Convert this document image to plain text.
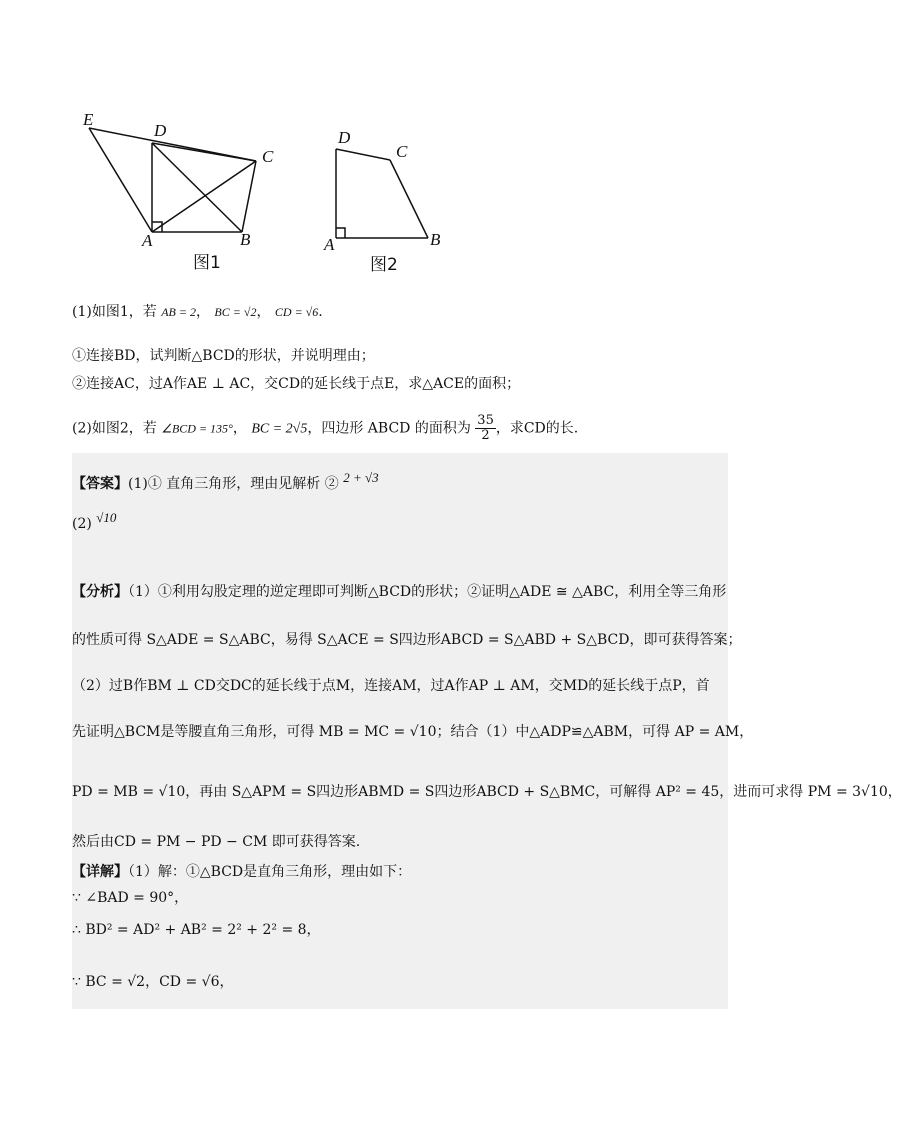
E
D
C
A	B
图1
D
C
A	B
图2
(1)如图1，若 AB = 2， BC = √2， CD = √6.
①连接BD，试判断△BCD的形状，并说明理由；
②连接AC，过A作AE ⊥ AC，交CD的延长线于点E，求△ACE的面积；
(2)如图2，若 ∠BCD = 135°， BC = 2√5，四边形 ABCD 的面积为 $\frac{35}{2}$ ，求CD的长.
【答案】(1)① 直角三角形，理由见解析 ② 2 + √3
(2) √10
【分析】（1）①利用勾股定理的逆定理即可判断△BCD的形状；②证明△ADE ≅ △ABC，利用全等三角形
的性质可得 S△ADE = S△ABC，易得 S△ACE = S四边形ABCD = S△ABD + S△BCD，即可获得答案；
（2）过B作BM ⊥ CD交DC的延长线于点M，连接AM，过A作AP ⊥ AM，交MD的延长线于点P，首
先证明△BCM是等腰直角三角形，可得 MB = MC = √10；结合（1）中△ADP≌△ABM，可得 AP = AM，
PD = MB = √10，再由 S△APM = S四边形ABMD = S四边形ABCD + S△BMC，可解得 AP² = 45，进而可求得 PM = 3√10，
然后由CD = PM − PD − CM 即可获得答案.
【详解】（1）解：①△BCD是直角三角形，理由如下：
∵ ∠BAD = 90°，
∴ BD² = AD² + AB² = 2² + 2² = 8，
∵ BC = √2，CD = √6，
